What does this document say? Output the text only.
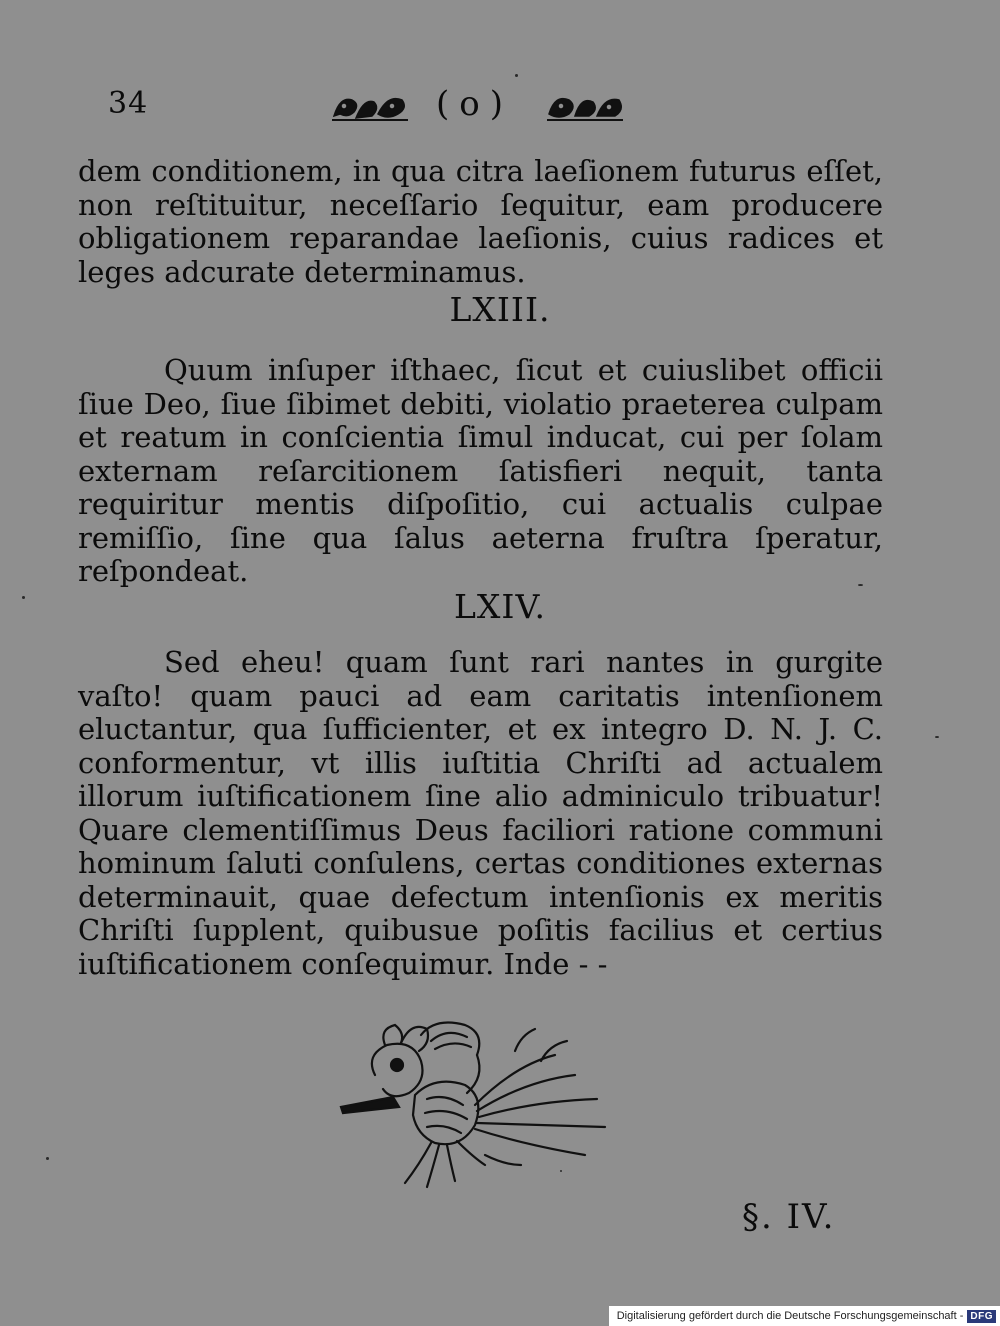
34	(o)

dem conditionem, in qua citra laeſionem futurus eſſet, non reſtituitur, neceſſario ſequitur, eam producere obligationem reparandae laeſionis, cuius radices et leges adcurate determinamus.

LXIII.

Quum inſuper iſthaec, ſicut et cuiuslibet officii ſiue Deo, ſiue ſibimet debiti, violatio praeterea culpam et reatum in conſcientia ſimul inducat, cui per ſolam externam reſarcitionem ſatisfieri nequit, tanta requiritur mentis diſpoſitio, cui actualis culpae remiſſio, ſine qua ſalus aeterna fruſtra ſperatur, reſpondeat.

LXIV.

Sed eheu! quam ſunt rari nantes in gurgite vaſto! quam pauci ad eam caritatis intenſionem eluctantur, qua ſufficienter, et ex integro D. N. J. C. conformentur, vt illis iuſtitia Chriſti ad actualem illorum iuſtificationem ſine alio adminiculo tribuatur! Quare clementiſſimus Deus faciliori ratione communi hominum ſaluti conſulens, certas conditiones externas determinauit, quae defectum intenſionis ex meritis Chriſti ſupplent, quibusue poſitis facilius et certius iuſtificationem conſequimur. Inde - -

§. IV.
Digitalisierung gefördert durch die Deutsche Forschungsgemeinschaft - DFG
